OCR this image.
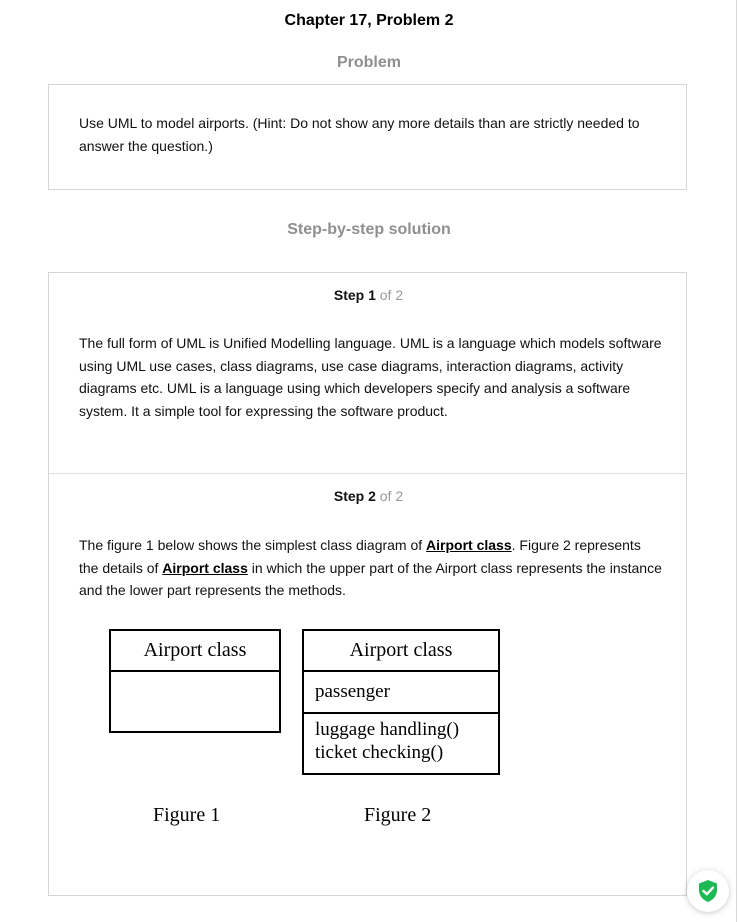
Chapter 17, Problem 2
Problem
Use UML to model airports. (Hint: Do not show any more details than are strictly needed to answer the question.)
Step-by-step solution
Step 1 of 2
The full form of UML is Unified Modelling language. UML is a language which models software using UML use cases, class diagrams, use case diagrams, interaction diagrams, activity diagrams etc. UML is a language using which developers specify and analysis a software system. It a simple tool for expressing the software product.
Step 2 of 2
The figure 1 below shows the simplest class diagram of Airport class. Figure 2 represents the details of Airport class in which the upper part of the Airport class represents the instance and the lower part represents the methods.
Airport class	Airport class
passenger
luggage handling()
ticket checking()
Figure 1	Figure 2
